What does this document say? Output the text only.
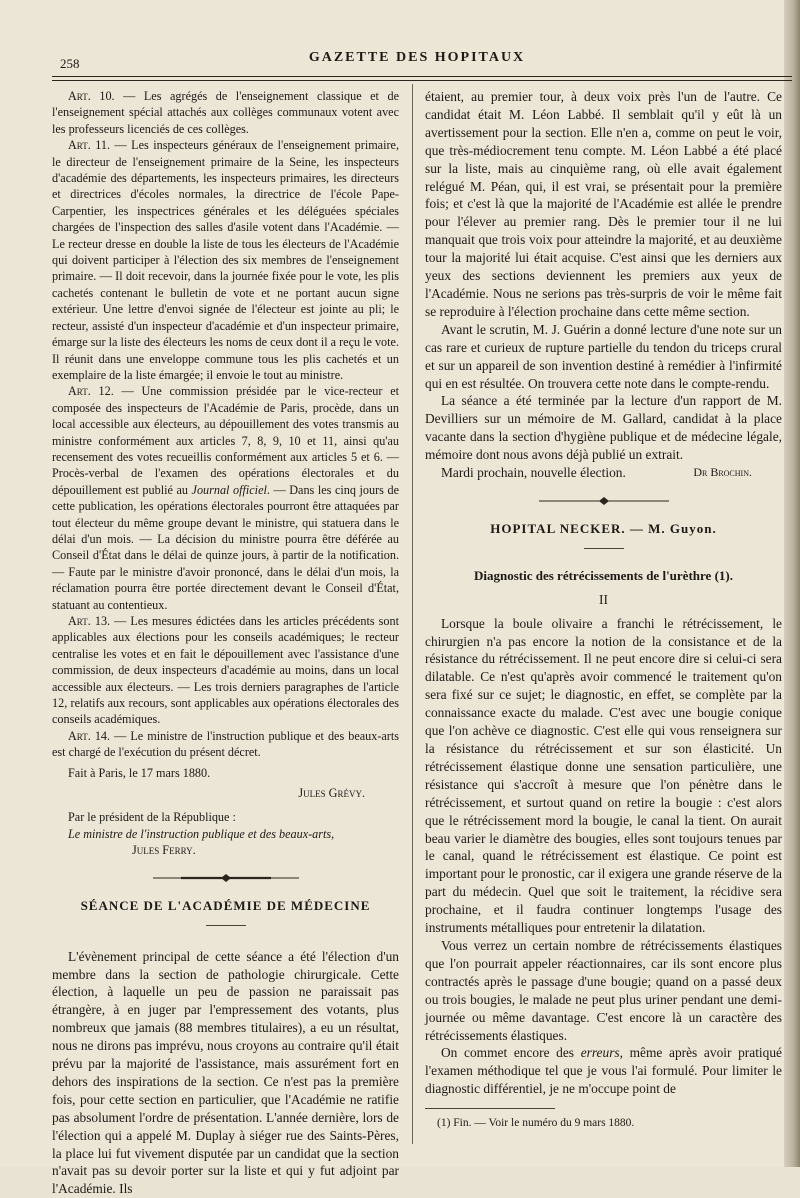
258	GAZETTE DES HOPITAUX

Art. 10. — Les agrégés de l'enseignement classique et de l'enseignement spécial attachés aux collèges communaux votent avec les professeurs licenciés de ces collèges.

Art. 11. — Les inspecteurs généraux de l'enseignement primaire, le directeur de l'enseignement primaire de la Seine, les inspecteurs d'académie des départements, les inspecteurs primaires, les directeurs et directrices d'écoles normales, la directrice de l'école Pape-Carpentier, les inspectrices générales et les déléguées spéciales chargées de l'inspection des salles d'asile votent dans l'Académie. — Le recteur dresse en double la liste de tous les électeurs de l'Académie qui doivent participer à l'élection des six membres de l'enseignement primaire. — Il doit recevoir, dans la journée fixée pour le vote, les plis cachetés contenant le bulletin de vote et ne portant aucun signe extérieur. Une lettre d'envoi signée de l'électeur est jointe au pli; le recteur, assisté d'un inspecteur d'académie et d'un inspecteur primaire, émarge sur la liste des électeurs les noms de ceux dont il a reçu le vote. Il réunit dans une enveloppe commune tous les plis cachetés et un exemplaire de la liste émargée; il envoie le tout au ministre.

Art. 12. — Une commission présidée par le vice-recteur et composée des inspecteurs de l'Académie de Paris, procède, dans un local accessible aux électeurs, au dépouillement des votes transmis au ministre conformément aux articles 7, 8, 9, 10 et 11, ainsi qu'au recensement des votes recueillis conformément aux articles 5 et 6. — Procès-verbal de l'examen des opérations électorales et du dépouillement est publié au Journal officiel. — Dans les cinq jours de cette publication, les opérations électorales pourront être attaquées par tout électeur du même groupe devant le ministre, qui statuera dans le délai d'un mois. — La décision du ministre pourra être déférée au Conseil d'État dans le délai de quinze jours, à partir de la notification. — Faute par le ministre d'avoir prononcé, dans le délai d'un mois, la réclamation pourra être portée directement devant le Conseil d'État, statuant au contentieux.

Art. 13. — Les mesures édictées dans les articles précédents sont applicables aux élections pour les conseils académiques; le recteur centralise les votes et en fait le dépouillement avec l'assistance d'une commission, de deux inspecteurs d'académie au moins, dans un local accessible aux électeurs. — Les trois derniers paragraphes de l'article 12, relatifs aux recours, sont applicables aux opérations électorales des conseils académiques.

Art. 14. — Le ministre de l'instruction publique et des beaux-arts est chargé de l'exécution du présent décret.

Fait à Paris, le 17 mars 1880.

Jules Grévy.

Par le président de la République :

Le ministre de l'instruction publique et des beaux-arts,

Jules Ferry.

SÉANCE DE L'ACADÉMIE DE MÉDECINE

L'évènement principal de cette séance a été l'élection d'un membre dans la section de pathologie chirurgicale. Cette élection, à laquelle un peu de passion ne paraissait pas étrangère, à en juger par l'empressement des votants, plus nombreux que jamais (88 membres titulaires), a eu un résultat, nous ne dirons pas imprévu, nous croyons au contraire qu'il était prévu par la majorité de l'assistance, mais assurément fort en dehors des inspirations de la section. Ce n'est pas la première fois, pour cette section en particulier, que l'Académie ne ratifie pas absolument l'ordre de présentation. L'année dernière, lors de l'élection qui a appelé M. Duplay à siéger rue des Saints-Pères, la place lui fut vivement disputée par un candidat que la section n'avait pas su devoir porter sur la liste et qui y fut adjoint par l'Académie. Ils

étaient, au premier tour, à deux voix près l'un de l'autre. Ce candidat était M. Léon Labbé. Il semblait qu'il y eût là un avertissement pour la section. Elle n'en a, comme on peut le voir, que très-médiocrement tenu compte. M. Léon Labbé a été placé sur la liste, mais au cinquième rang, où elle avait également relégué M. Péan, qui, il est vrai, se présentait pour la première fois; et c'est là que la majorité de l'Académie est allée le prendre pour l'élever au premier rang. Dès le premier tour il ne lui manquait que trois voix pour atteindre la majorité, et au deuxième tour la majorité lui était acquise. C'est ainsi que les derniers aux yeux des sections deviennent les premiers aux yeux de l'Académie. Nous ne serions pas très-surpris de voir le même fait se reproduire à l'élection prochaine dans cette même section.

Avant le scrutin, M. J. Guérin a donné lecture d'une note sur un cas rare et curieux de rupture partielle du tendon du triceps crural et sur un appareil de son invention destiné à remédier à l'infirmité qui en est résultée. On trouvera cette note dans le compte-rendu.

La séance a été terminée par la lecture d'un rapport de M. Devilliers sur un mémoire de M. Gallard, candidat à la place vacante dans la section d'hygiène publique et de médecine légale, mémoire dont nous avons déjà publié un extrait.

Mardi prochain, nouvelle élection.	Dr Brochin.

HOPITAL NECKER. — M. Guyon.
Diagnostic des rétrécissements de l'urèthre (1).
II

Lorsque la boule olivaire a franchi le rétrécissement, le chirurgien n'a pas encore la notion de la consistance et de la résistance du rétrécissement. Il ne peut encore dire si celui-ci sera dilatable. Ce n'est qu'après avoir commencé le traitement qu'on sera fixé sur ce sujet; le diagnostic, en effet, se complète par la connaissance exacte du malade. C'est avec une bougie conique que l'on achève ce diagnostic. C'est elle qui vous renseignera sur la résistance du rétrécissement et sur son élasticité. Un rétrécissement élastique donne une sensation particulière, une résistance qui s'accroît à mesure que l'on pénètre dans le rétrécissement, et surtout quand on retire la bougie : c'est alors que le rétrécissement mord la bougie, le canal la tient. On aurait beau varier le diamètre des bougies, elles sont toujours tenues par le canal, quand le rétrécissement est élastique. Ce point est important pour le pronostic, car il exigera une grande réserve de la part du médecin. Quel que soit le traitement, la récidive sera prochaine, et il faudra continuer longtemps l'usage des instruments métalliques pour entretenir la dilatation.

Vous verrez un certain nombre de rétrécissements élastiques que l'on pourrait appeler réactionnaires, car ils sont encore plus contractés après le passage d'une bougie; quand on a passé deux ou trois bougies, le malade ne peut plus uriner pendant une demi-journée ou même davantage. C'est encore là un caractère des rétrécissements élastiques.

On commet encore des erreurs, même après avoir pratiqué l'examen méthodique tel que je vous l'ai formulé. Pour limiter le diagnostic différentiel, je ne m'occupe point de

(1) Fin. — Voir le numéro du 9 mars 1880.
